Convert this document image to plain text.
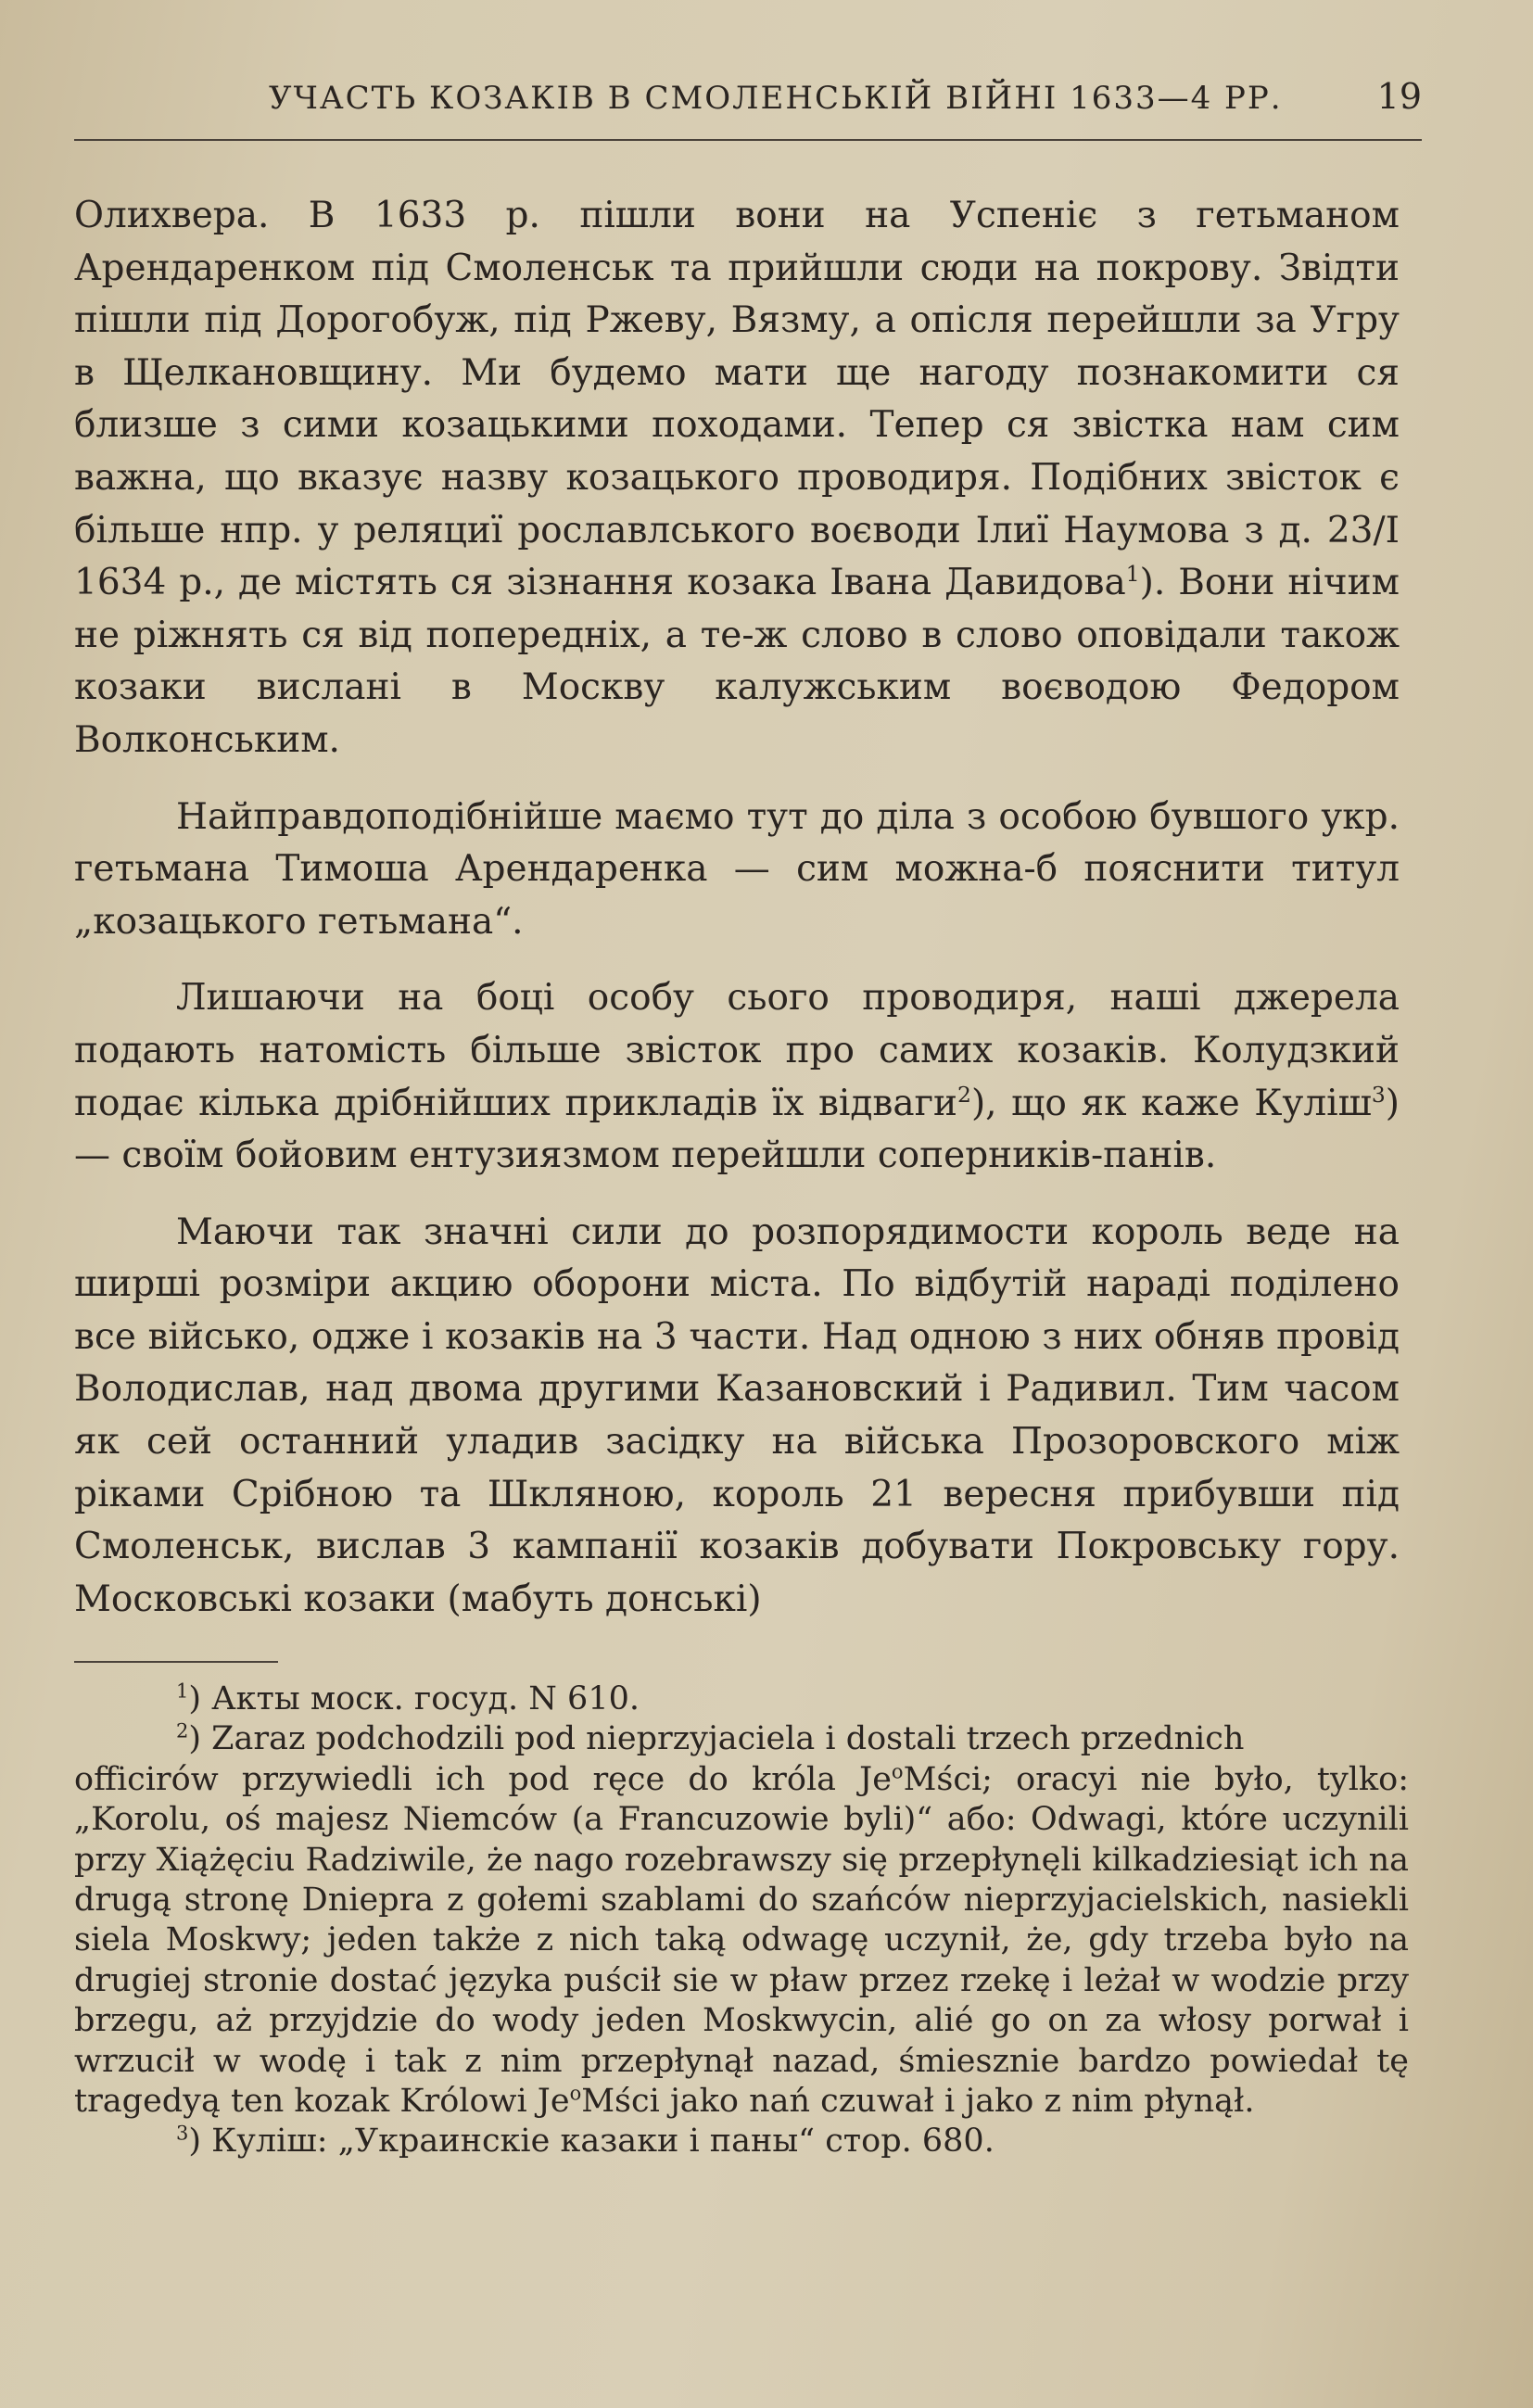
УЧАСТЬ КОЗАКІВ В СМОЛЕНСЬКІЙ ВІЙНІ 1633—4 РР.	19

Олихвера. В 1633 р. пішли вони на Успеніє з гетьманом Арендаренком під Смоленськ та прийшли сюди на покрову. Звідти пішли під Дорогобуж, під Ржеву, Вязму, а опісля перейшли за Угру в Щелкановщину. Ми будемо мати ще нагоду познакомити ся близше з сими козацькими походами. Тепер ся звістка нам сим важна, що вказує назву козацького проводиря. Подібних звісток є більше нпр. у реляциї рославлського воєводи Ілиї Наумова з д. 23/I 1634 р., де містять ся зізнання козака Івана Давидова$^1$). Вони нічим не ріжнять ся від попередніх, а те-ж слово в слово оповідали також козаки вислані в Москву калужським воєводою Федором Волконським.

Найправдоподібнійше маємо тут до діла з особою бувшого укр. гетьмана Тимоша Арендаренка — сим можна-б пояснити титул „козацького гетьмана“.

Лишаючи на боці особу сього проводиря, наші джерела подають натомість більше звісток про самих козаків. Колудзкий подає кілька дрібнійших прикладів їх відваги$^2$), що як каже Куліш$^3$) — своїм бойовим ентузиязмом перейшли соперників-панів.

Маючи так значні сили до розпорядимости король веде на ширші розміри акцию оборони міста. По відбутій нараді поділено все військо, одже і козаків на 3 части. Над одною з них обняв провід Володислав, над двома другими Казановский і Радивил. Тим часом як сей останний уладив засідку на війська Прозоровского між ріками Срібною та Шкляною, король 21 вересня прибувши під Смоленськ, вислав 3 кампанії козаків добувати Покровську гору. Московські козаки (мабуть донські)

$^1$) Акты моск. госуд. N 610.

$^2$) Zaraz podchodzili pod nieprzyjaciela i dostali trzech przednich

officirów przywiedli ich pod ręce do króla Je$^o$Mści; oracyi nie było, tylko: „Korolu, oś majesz Niemców (a Francuzowie byli)“ або: Odwagi, które uczynili przy Xiążęciu Radziwile, że nago rozebrawszy się przepłynęli kilkadziesiąt ich na drugą stronę Dniepra z gołemi szablami do szańców nieprzyjacielskich, nasiekli siela Moskwy; jeden także z nich taką odwagę uczynił, że, gdy trzeba było na drugiej stronie dostać języka puścił sie w pław przez rzekę i leżał w wodzie przy brzegu, aż przyjdzie do wody jeden Moskwycin, alié go on za włosy porwał i wrzucił w wodę i tak z nim przepłynął nazad, śmiesznie bardzo powiedał tę tragedyą ten kozak Królowi Je$^o$Mści jako nań czuwał i jako z nim płynął.

$^3$) Куліш: „Украинскіе казаки і паны“ стор. 680.
